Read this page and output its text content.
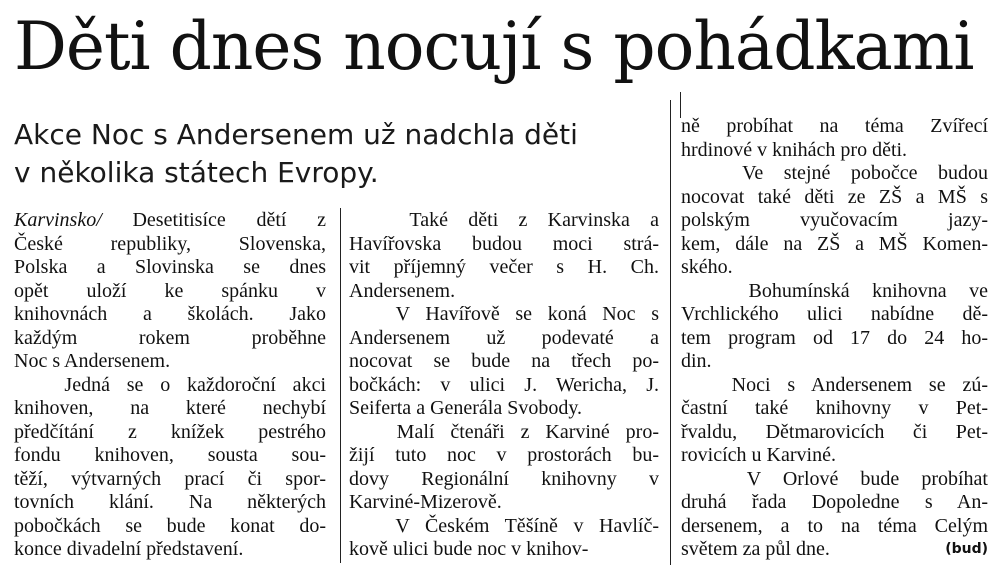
Děti dnes nocují s pohádkami
Akce Noc s Andersenem už nadchla děti
v několika státech Evropy.
Karvinsko/ Desetitisíce dětí z
České republiky, Slovenska,
Polska a Slovinska se dnes
opět uloží ke spánku v
knihovnách a školách. Jako
každým rokem proběhne
Noc s Andersenem.
Jedná se o každoroční akci
knihoven, na které nechybí
předčítání z knížek pestrého
fondu knihoven, sousta sou-
těží, výtvarných prací či spor-
tovních klání. Na některých
pobočkách se bude konat do-
konce divadelní představení.
Také děti z Karvinska a
Havířovska budou moci strá-
vit příjemný večer s H. Ch.
Andersenem.
V Havířově se koná Noc s
Andersenem už podevaté a
nocovat se bude na třech po-
bočkách: v ulici J. Wericha, J.
Seiferta a Generála Svobody.
Malí čtenáři z Karviné pro-
žijí tuto noc v prostorách bu-
dovy Regionální knihovny v
Karviné-Mizerově.
V Českém Těšíně v Havlíč-
kově ulici bude noc v knihov-
ně probíhat na téma Zvířecí
hrdinové v knihách pro děti.
Ve stejné pobočce budou
nocovat také děti ze ZŠ a MŠ s
polským vyučovacím jazy-
kem, dále na ZŠ a MŠ Komen-
ského.
Bohumínská knihovna ve
Vrchlického ulici nabídne dě-
tem program od 17 do 24 ho-
din.
Noci s Andersenem se zú-
častní také knihovny v Pet-
řvaldu, Dětmarovicích či Pet-
rovicích u Karviné.
V Orlové bude probíhat
druhá řada Dopoledne s An-
dersenem, a to na téma Celým
světem za půl dne.	(bud)
